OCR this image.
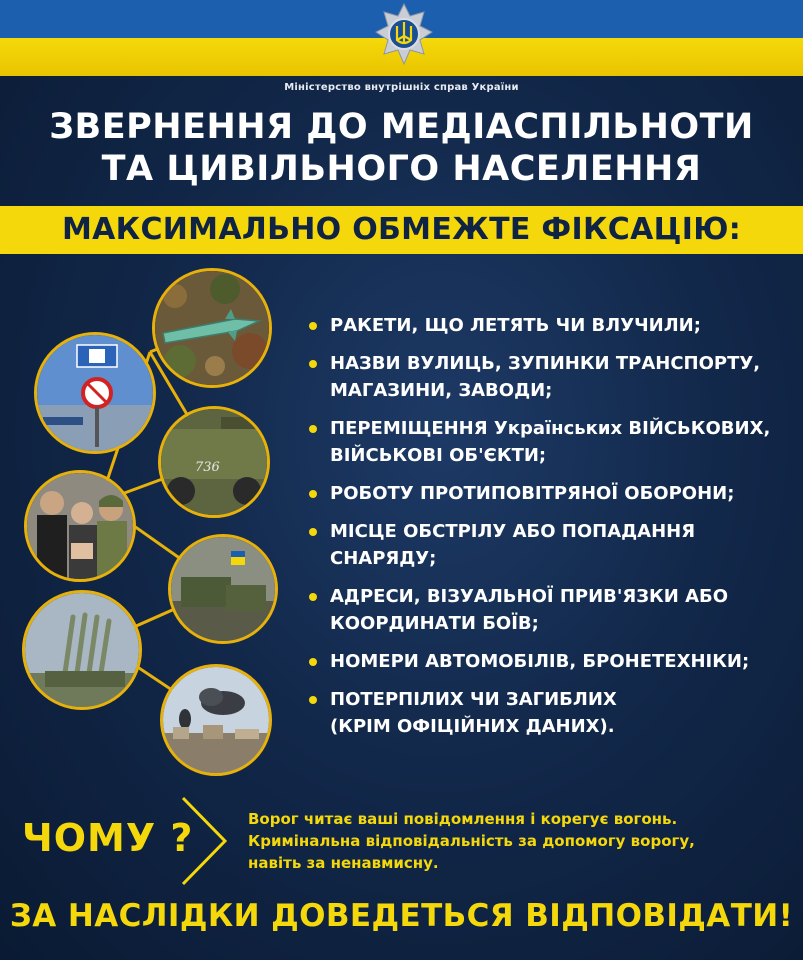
Міністерство внутрішніх справ України
ЗВЕРНЕННЯ ДО МЕДІАСПІЛЬНОТИ
ТА ЦИВІЛЬНОГО НАСЕЛЕННЯ
МАКСИМАЛЬНО ОБМЕЖТЕ ФІКСАЦІЮ:
736
РАКЕТИ, ЩО ЛЕТЯТЬ ЧИ ВЛУЧИЛИ;
НАЗВИ ВУЛИЦЬ, ЗУПИНКИ ТРАНСПОРТУ,
МАГАЗИНИ, ЗАВОДИ;
ПЕРЕМІЩЕННЯ Українських ВІЙСЬКОВИХ,
ВІЙСЬКОВІ ОБ'ЄКТИ;
РОБОТУ ПРОТИПОВІТРЯНОЇ ОБОРОНИ;
МІСЦЕ ОБСТРІЛУ АБО ПОПАДАННЯ СНАРЯДУ;
АДРЕСИ, ВІЗУАЛЬНОЇ ПРИВ'ЯЗКИ АБО
КООРДИНАТИ БОЇВ;
НОМЕРИ АВТОМОБІЛІВ, БРОНЕТЕХНІКИ;
ПОТЕРПІЛИХ ЧИ ЗАГИБЛИХ
(КРІМ ОФІЦІЙНИХ ДАНИХ).
ЧОМУ ?	Ворог читає ваші повідомлення і корегує вогонь.
Кримінальна відповідальність за допомогу ворогу,
навіть за ненавмисну.
ЗА НАСЛІДКИ ДОВЕДЕТЬСЯ ВІДПОВІДАТИ!
